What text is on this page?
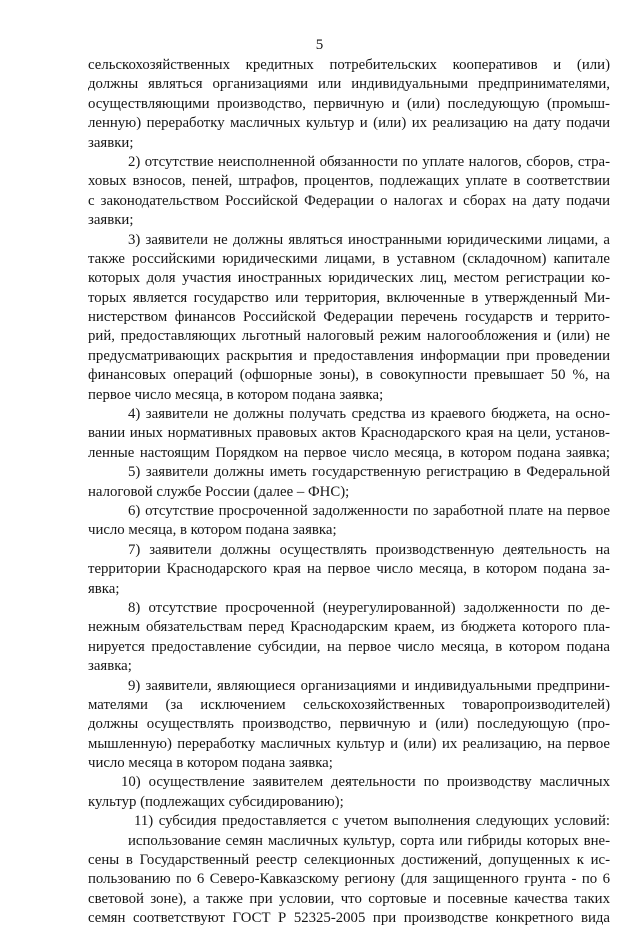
5
сельскохозяйственных кредитных потребительских кооперативов и (или)
должны являться организациями или индивидуальными предпринимателями,
осуществляющими производство, первичную и (или) последующую (промыш-
ленную) переработку масличных культур и (или) их реализацию на дату подачи
заявки;
2) отсутствие неисполненной обязанности по уплате налогов, сборов, стра-
ховых взносов, пеней, штрафов, процентов, подлежащих уплате в соответствии
с законодательством Российской Федерации о налогах и сборах на дату подачи
заявки;
3) заявители не должны являться иностранными юридическими лицами, а
также российскими юридическими лицами, в уставном (складочном) капитале
которых доля участия иностранных юридических лиц, местом регистрации ко-
торых является государство или территория, включенные в утвержденный Ми-
нистерством финансов Российской Федерации перечень государств и террито-
рий, предоставляющих льготный налоговый режим налогообложения и (или) не
предусматривающих раскрытия и предоставления информации при проведении
финансовых операций (офшорные зоны), в совокупности превышает 50 %, на
первое число месяца, в котором подана заявка;
4) заявители не должны получать средства из краевого бюджета, на осно-
вании иных нормативных правовых актов Краснодарского края на цели, установ-
ленные настоящим Порядком на первое число месяца, в котором подана заявка;
5) заявители должны иметь государственную регистрацию в Федеральной
налоговой службе России (далее – ФНС);
6) отсутствие просроченной задолженности по заработной плате на первое
число месяца, в котором подана заявка;
7) заявители должны осуществлять производственную деятельность на
территории Краснодарского края на первое число месяца, в котором подана за-
явка;
8) отсутствие просроченной (неурегулированной) задолженности по де-
нежным обязательствам перед Краснодарским краем, из бюджета которого пла-
нируется предоставление субсидии, на первое число месяца, в котором подана
заявка;
9) заявители, являющиеся организациями и индивидуальными предприни-
мателями (за исключением сельскохозяйственных товаропроизводителей)
должны осуществлять производство, первичную и (или) последующую (про-
мышленную) переработку масличных культур и (или) их реализацию, на первое
число месяца в котором подана заявка;
10) осуществление заявителем деятельности по производству масличных
культур (подлежащих субсидированию);
11) субсидия предоставляется с учетом выполнения следующих условий:
использование семян масличных культур, сорта или гибриды которых вне-
сены в Государственный реестр селекционных достижений, допущенных к ис-
пользованию по 6 Северо-Кавказскому региону (для защищенного грунта - по 6
световой зоне), а также при условии, что сортовые и посевные качества таких
семян соответствуют ГОСТ Р 52325-2005 при производстве конкретного вида
